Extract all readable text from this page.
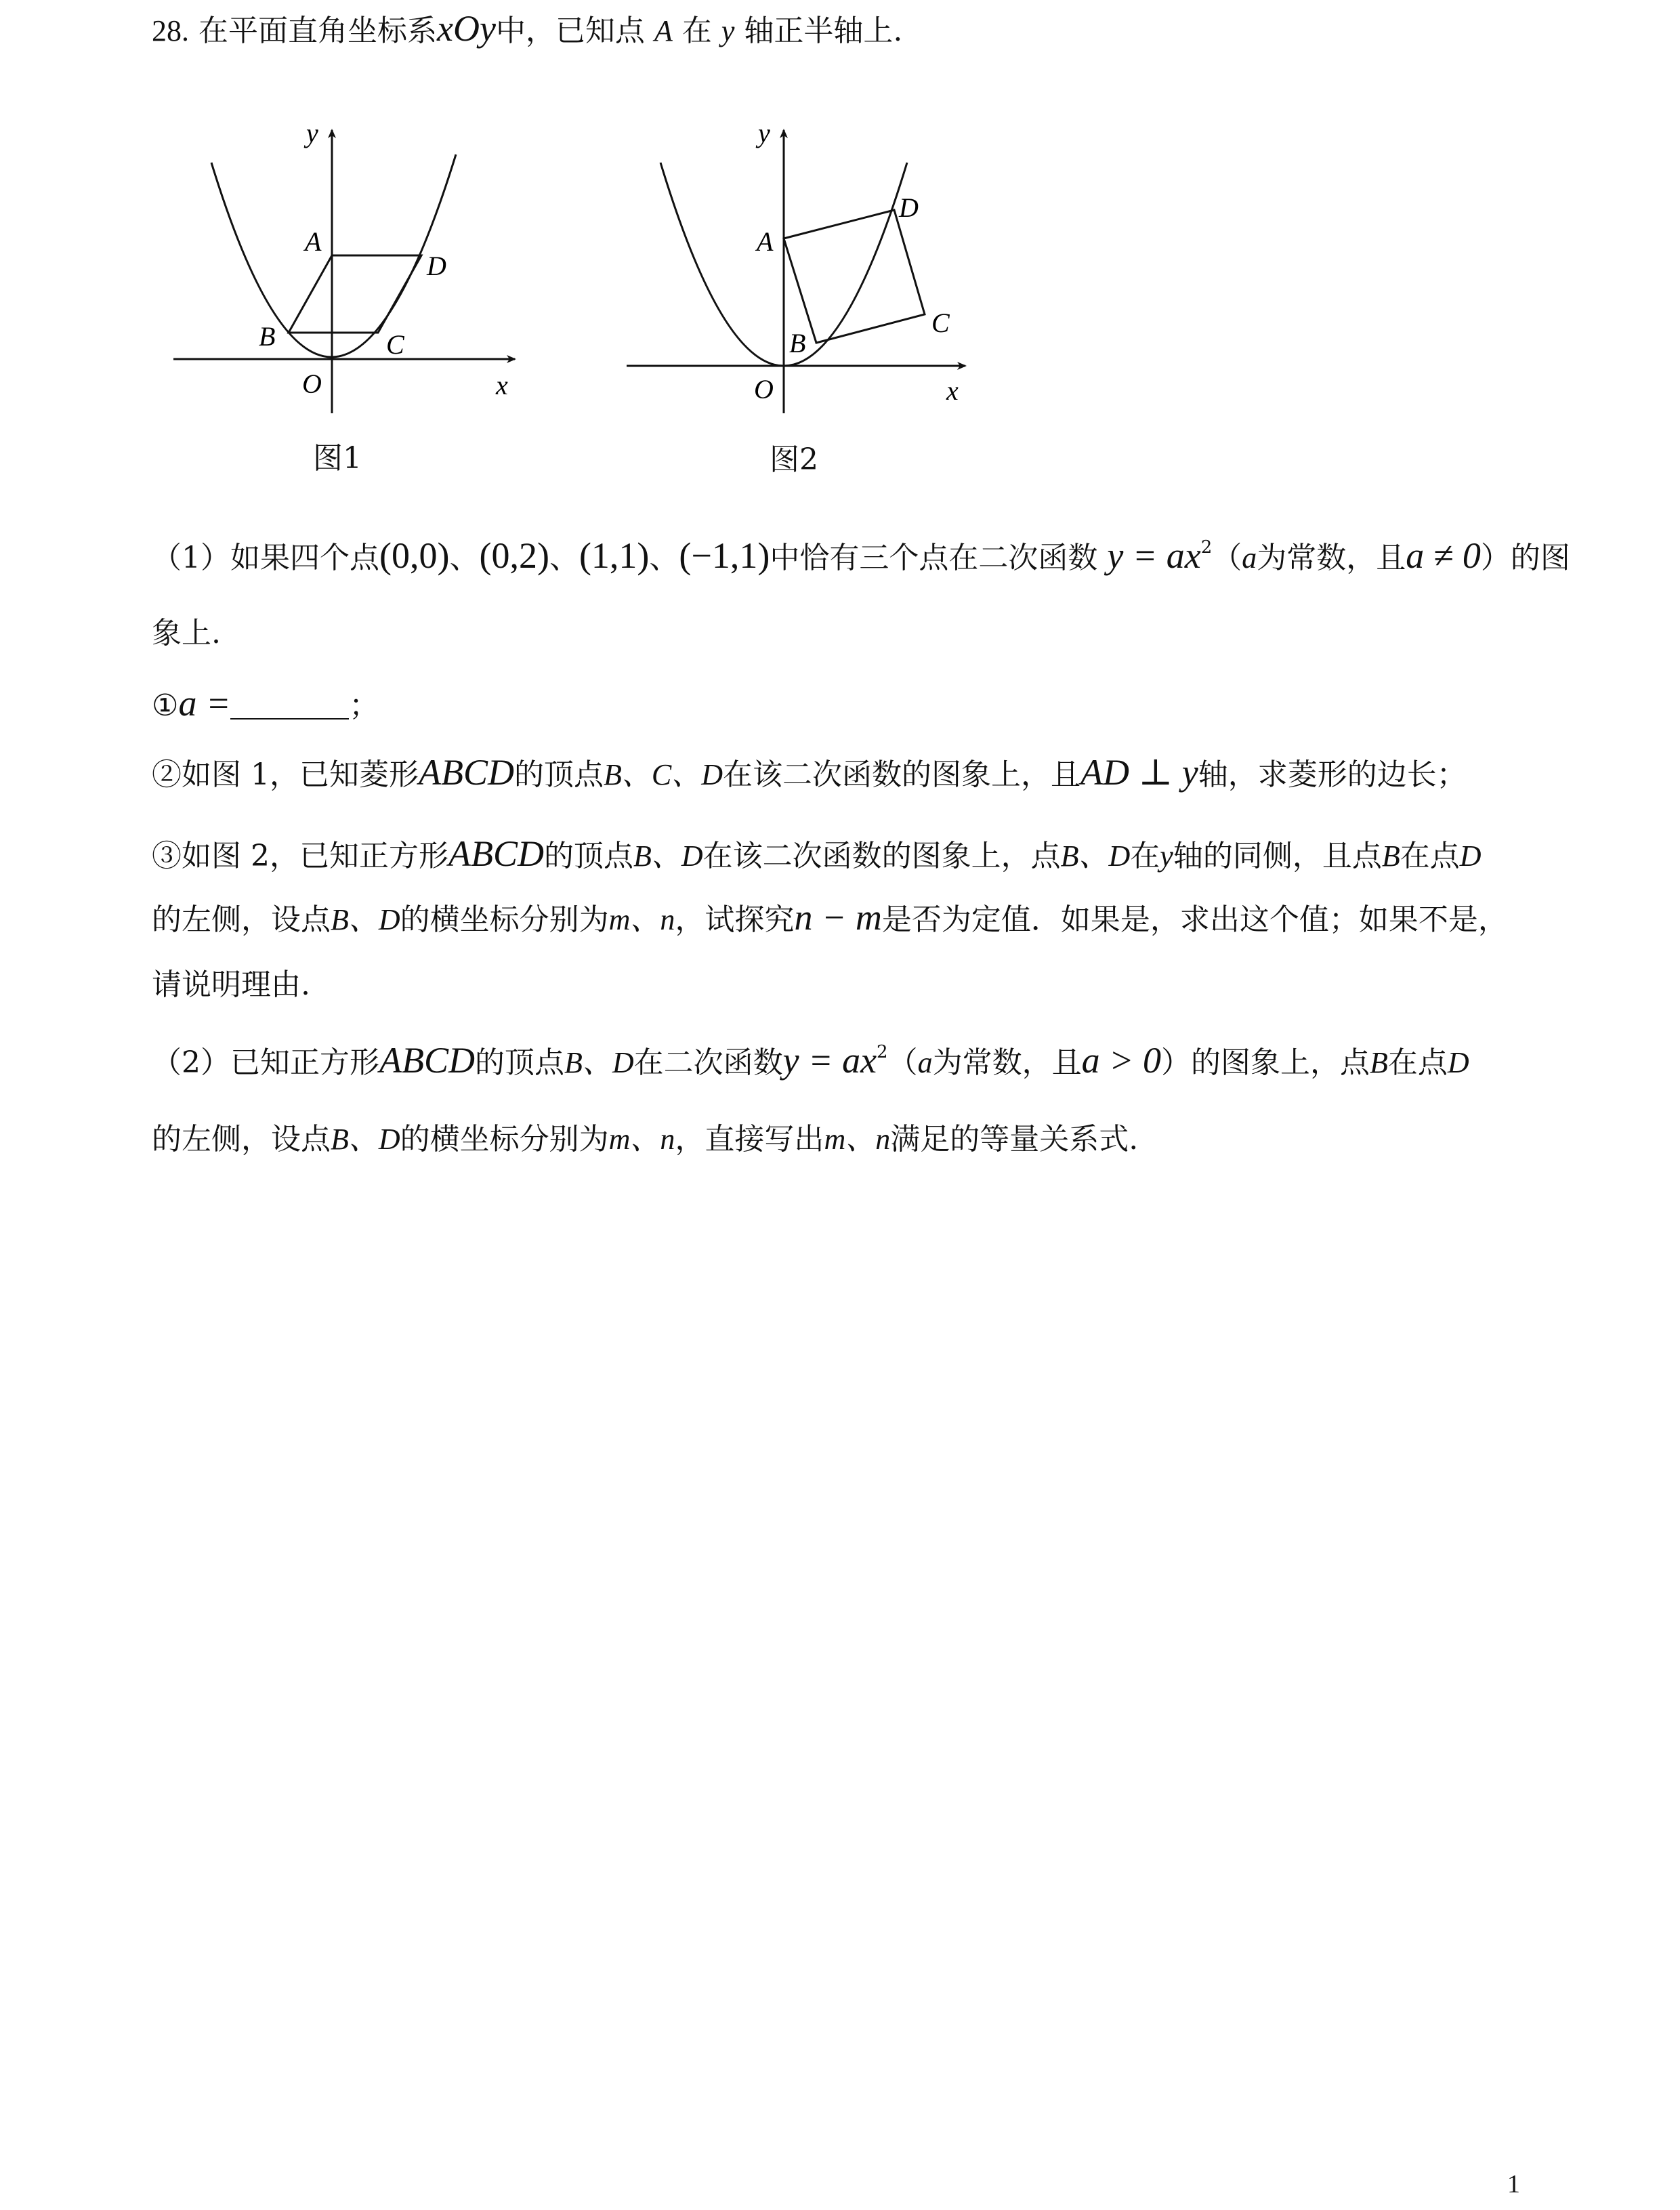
28. 在平面直角坐标系xOy中，已知点 A 在 y 轴正半轴上.
y
x
O
A
B	C
D
图1
y
x
O
A
B
C
D
图2
（1）如果四个点(0,0)、(0,2)、(1,1)、(−1,1)中恰有三个点在二次函数 $y = ax^2(a$为常数，且a ≠ 0）的图
象上.
①a =	；
②如图 1，已知菱形ABCD的顶点B、C、D在该二次函数的图象上，且AD ⊥ y轴，求菱形的边长；
③如图 2，已知正方形ABCD的顶点B、D在该二次函数的图象上，点B、D在y轴的同侧，且点B在点D
的左侧，设点B、D的横坐标分别为m、n，试探究n − m是否为定值．如果是，求出这个值；如果不是，
请说明理由.
（2）已知正方形ABCD的顶点B、D在二次函数$y = ax^2(a$为常数，且a > 0）的图象上，点B在点D
的左侧，设点B、D的横坐标分别为m、n，直接写出m、n满足的等量关系式.
1
